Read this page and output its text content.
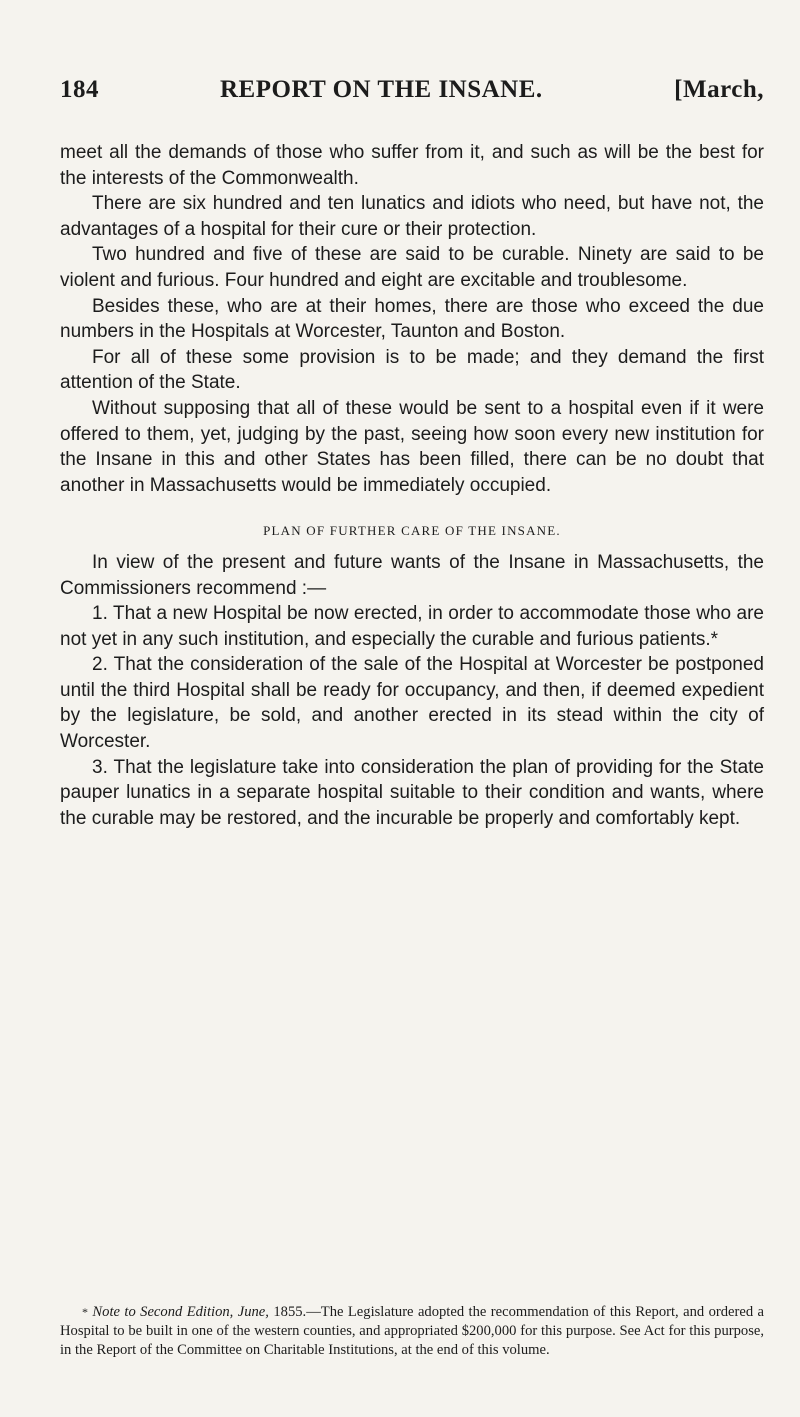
184	REPORT ON THE INSANE.	[March,

meet all the demands of those who suffer from it, and such as will be the best for the interests of the Commonwealth.

There are six hundred and ten lunatics and idiots who need, but have not, the advantages of a hospital for their cure or their protection.

Two hundred and five of these are said to be curable. Ninety are said to be violent and furious. Four hundred and eight are excitable and troublesome.

Besides these, who are at their homes, there are those who exceed the due numbers in the Hospitals at Worcester, Taunton and Boston.

For all of these some provision is to be made; and they demand the first attention of the State.

Without supposing that all of these would be sent to a hospital even if it were offered to them, yet, judging by the past, seeing how soon every new institution for the Insane in this and other States has been filled, there can be no doubt that another in Massachusetts would be immediately occupied.

PLAN OF FURTHER CARE OF THE INSANE.

In view of the present and future wants of the Insane in Massachusetts, the Commissioners recommend :—

1. That a new Hospital be now erected, in order to accommodate those who are not yet in any such institution, and especially the curable and furious patients.*

2. That the consideration of the sale of the Hospital at Worcester be postponed until the third Hospital shall be ready for occupancy, and then, if deemed expedient by the legislature, be sold, and another erected in its stead within the city of Worcester.

3. That the legislature take into consideration the plan of providing for the State pauper lunatics in a separate hospital suitable to their condition and wants, where the curable may be restored, and the incurable be properly and comfortably kept.

* Note to Second Edition, June, 1855.—The Legislature adopted the recommendation of this Report, and ordered a Hospital to be built in one of the western counties, and appropriated $200,000 for this purpose. See Act for this purpose, in the Report of the Committee on Charitable Institutions, at the end of this volume.
